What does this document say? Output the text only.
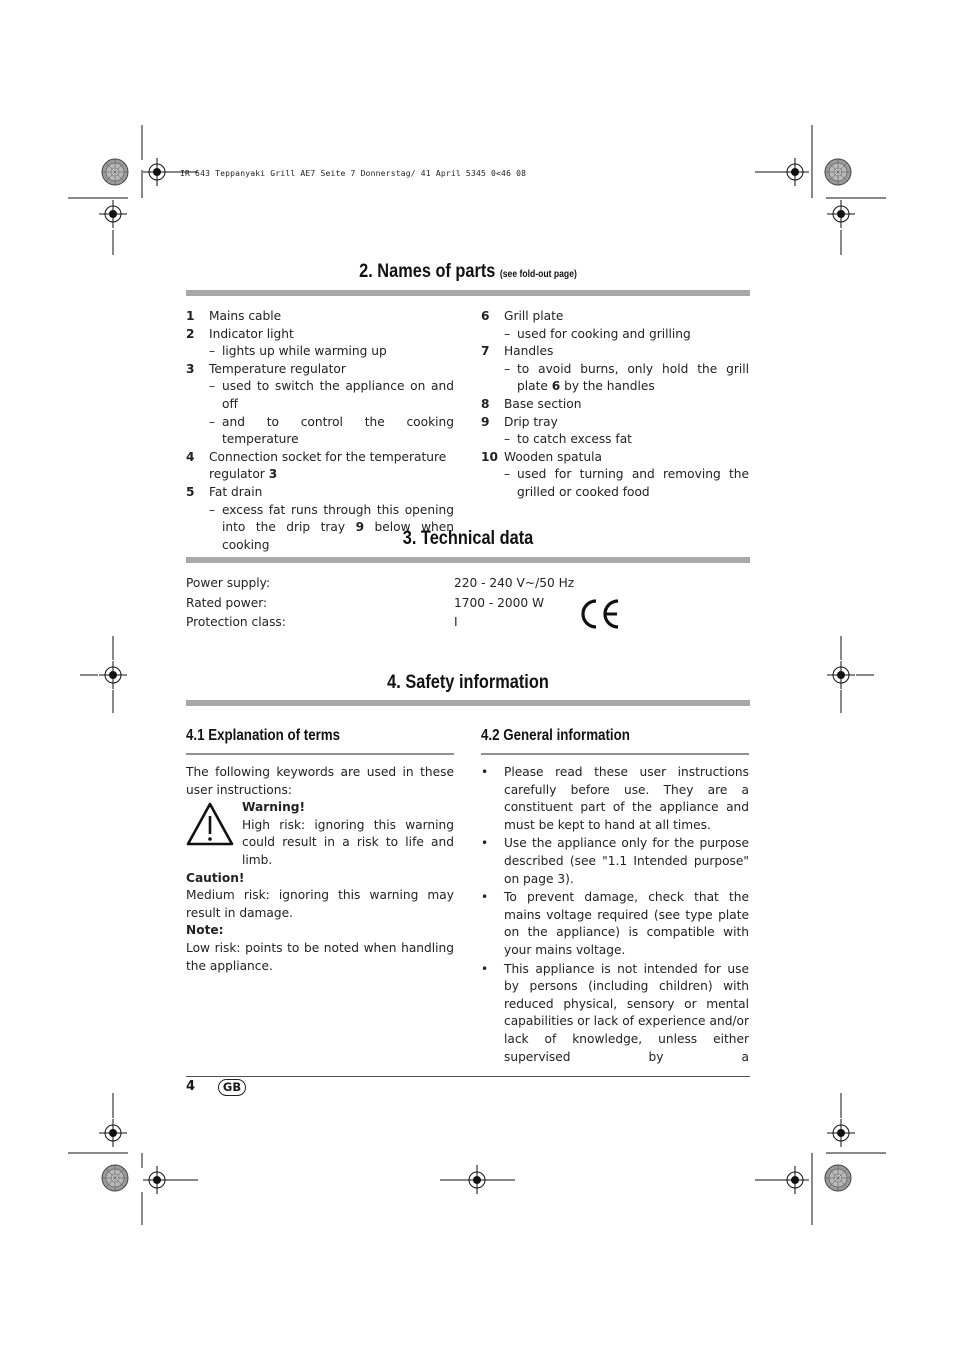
IR 643 Teppanyaki Grill AE7 Seite 7 Donnerstag/ 41 April 5345 0<46 08
2. Names of parts (see fold-out page)
1 Mains cable
2 Indicator light
– lights up while warming up
3 Temperature regulator
– used to switch the appliance on and off
– and to control the cooking temperature
4 Connection socket for the temperature regulator 3
5 Fat drain
– excess fat runs through this opening into the drip tray 9 below when cooking
6 Grill plate
– used for cooking and grilling
7 Handles
– to avoid burns, only hold the grill plate 6 by the handles
8 Base section
9 Drip tray
– to catch excess fat
10 Wooden spatula
– used for turning and removing the grilled or cooked food
3. Technical data
Power supply:	220 - 240 V~/50 Hz
Rated power:	1700 - 2000 W
Protection class:	I
4. Safety information
4.1 Explanation of terms	4.2 General information
The following keywords are used in these user instructions:
Warning!
High risk: ignoring this warning could result in a risk to life and limb.
Caution!
Medium risk: ignoring this warning may result in damage.
Note:
Low risk: points to be noted when handling the appliance.
• Please read these user instructions carefully before use. They are a constituent part of the appliance and must be kept to hand at all times.
• Use the appliance only for the purpose described (see "1.1 Intended purpose" on page 3).
• To prevent damage, check that the mains voltage required (see type plate on the appliance) is compatible with your mains voltage.
• This appliance is not intended for use by persons (including children) with reduced physical, sensory or mental capabilities or lack of experience and/or lack of knowledge, unless either supervised by a
4	GB
